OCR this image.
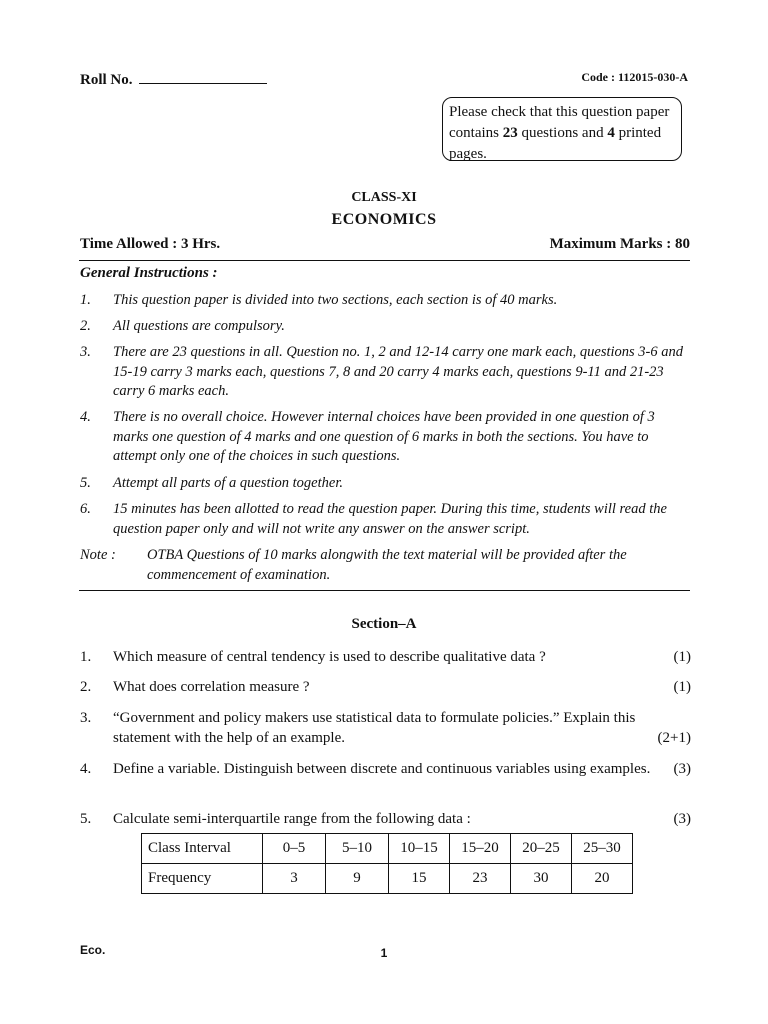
Roll No.	Code : 112015-030-A
Please check that this question paper contains 23 questions and 4 printed pages.
CLASS-XI
ECONOMICS
Time Allowed : 3 Hrs.	Maximum Marks : 80
General Instructions :
1.	This question paper is divided into two sections, each section is of 40 marks.
2.	All questions are compulsory.
3.	There are 23 questions in all. Question no. 1, 2 and 12-14 carry one mark each, questions 3-6 and 15-19 carry 3 marks each, questions 7, 8 and 20 carry 4 marks each, questions 9-11 and 21-23 carry 6 marks each.
4.	There is no overall choice. However internal choices have been provided in one question of 3 marks one question of 4 marks and one question of 6 marks in both the sections. You have to attempt only one of the choices in such questions.
5.	Attempt all parts of a question together.
6.	15 minutes has been allotted to read the question paper. During this time, students will read the question paper only and will not write any answer on the answer script.
Note :	OTBA Questions of 10 marks alongwith the text material will be provided after the commencement of examination.
Section–A
1. Which measure of central tendency is used to describe qualitative data ?	(1)
2. What does correlation measure ?	(1)
3. “Government and policy makers use statistical data to formulate policies.” Explain this statement with the help of an example.	(2+1)
4. Define a variable. Distinguish between discrete and continuous variables using examples. (3)
5. Calculate semi-interquartile range from the following data :	(3)
Class Interval	0–5	5–10	10–15	15–20	20–25	25–30
Frequency	3	9	15	23	30	20
Eco.	1
